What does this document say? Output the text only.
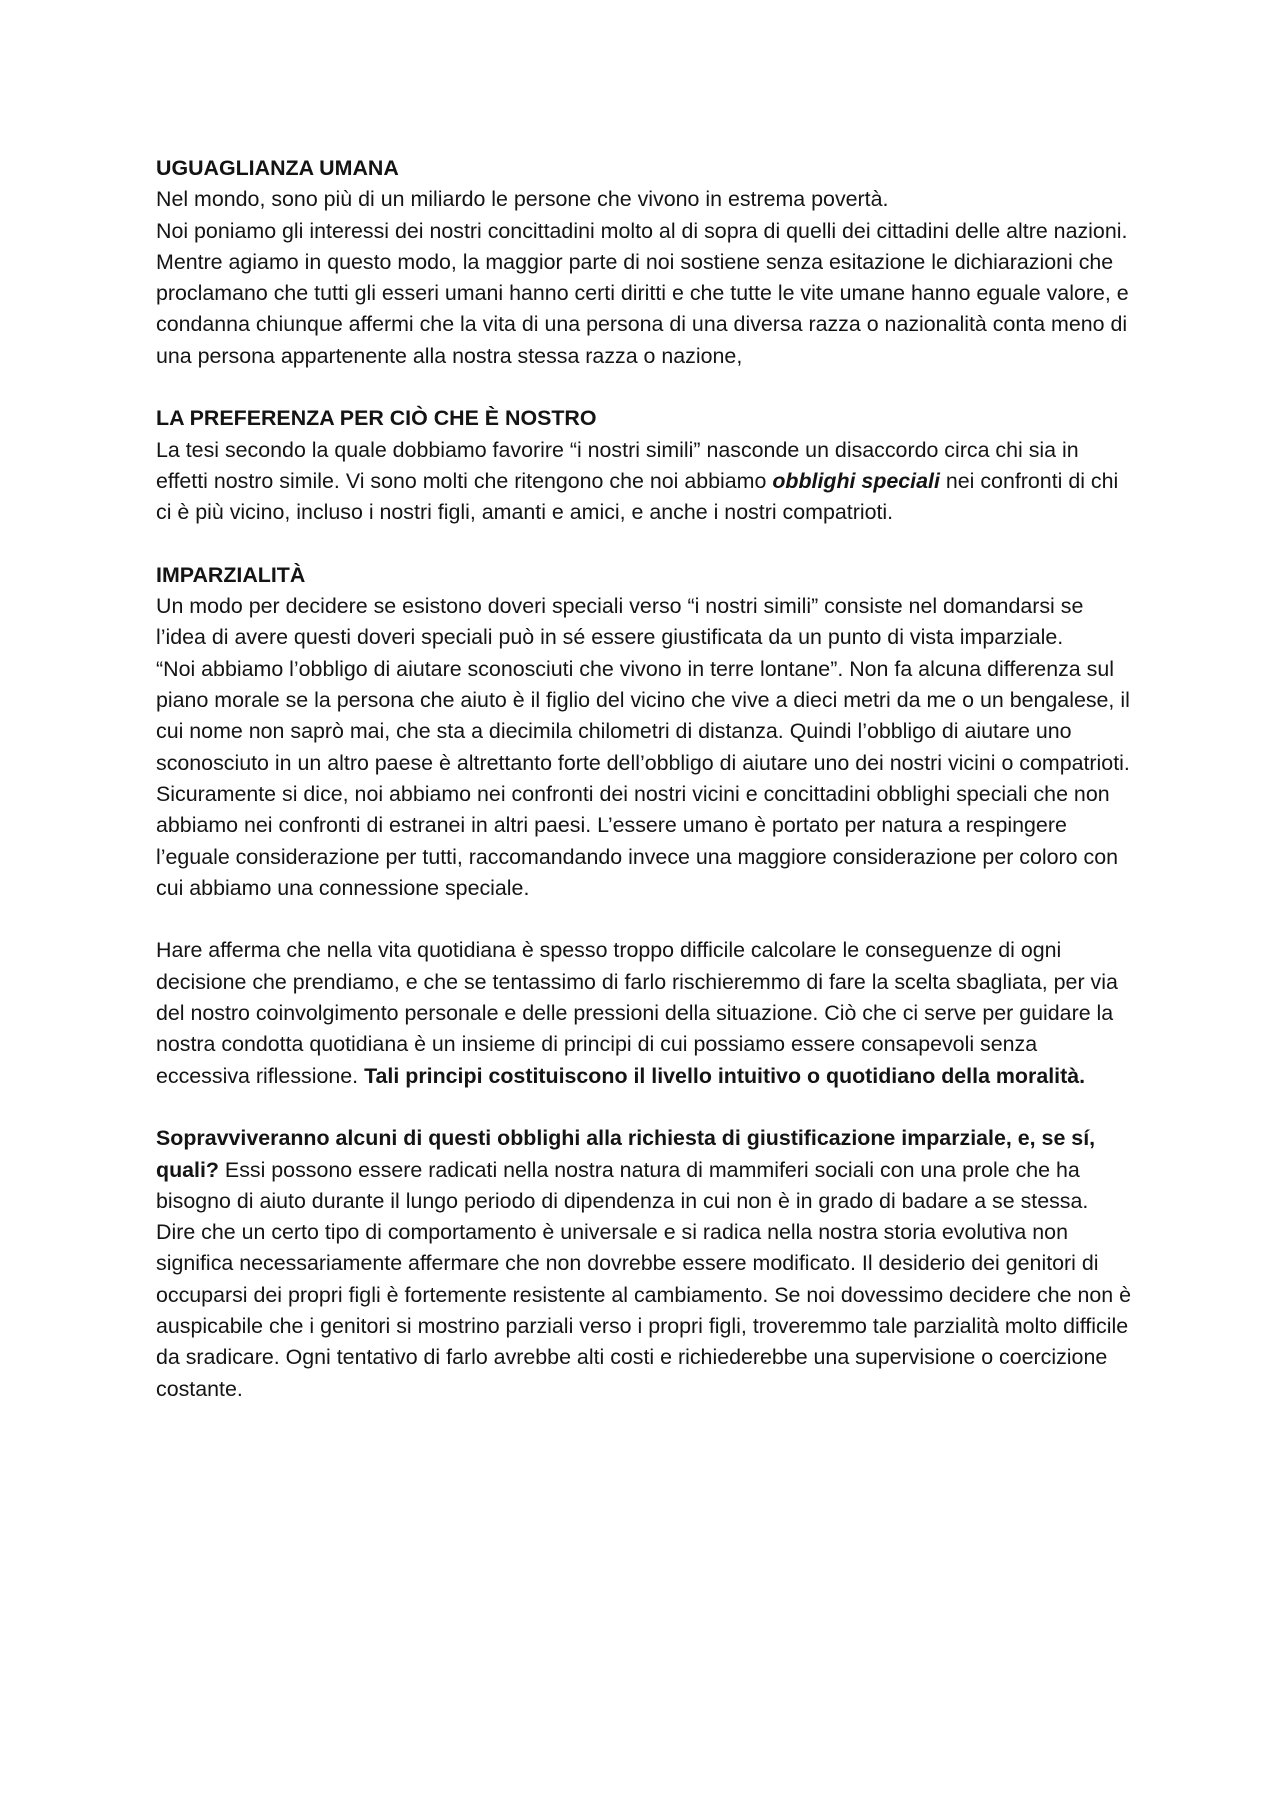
UGUAGLIANZA UMANA

Nel mondo, sono più di un miliardo le persone che vivono in estrema povertà.

Noi poniamo gli interessi dei nostri concittadini molto al di sopra di quelli dei cittadini delle altre nazioni.

Mentre agiamo in questo modo, la maggior parte di noi sostiene senza esitazione le dichiarazioni che proclamano che tutti gli esseri umani hanno certi diritti e che tutte le vite umane hanno eguale valore, e condanna chiunque affermi che la vita di una persona di una diversa razza o nazionalità conta meno di una persona appartenente alla nostra stessa razza o nazione,

LA PREFERENZA PER CIÒ CHE È NOSTRO

La tesi secondo la quale dobbiamo favorire “i nostri simili” nasconde un disaccordo circa chi sia in effetti nostro simile. Vi sono molti che ritengono che noi abbiamo obblighi speciali nei confronti di chi ci è più vicino, incluso i nostri figli, amanti e amici, e anche i nostri compatrioti.

IMPARZIALITÀ

Un modo per decidere se esistono doveri speciali verso “i nostri simili” consiste nel domandarsi se l’idea di avere questi doveri speciali può in sé essere giustificata da un punto di vista imparziale.

“Noi abbiamo l’obbligo di aiutare sconosciuti che vivono in terre lontane”. Non fa alcuna differenza sul piano morale se la persona che aiuto è il figlio del vicino che vive a dieci metri da me o un bengalese, il cui nome non saprò mai, che sta a diecimila chilometri di distanza. Quindi l’obbligo di aiutare uno sconosciuto in un altro paese è altrettanto forte dell’obbligo di aiutare uno dei nostri vicini o compatrioti.

Sicuramente si dice, noi abbiamo nei confronti dei nostri vicini e concittadini obblighi speciali che non abbiamo nei confronti di estranei in altri paesi. L’essere umano è portato per natura a respingere l’eguale considerazione per tutti, raccomandando invece una maggiore considerazione per coloro con cui abbiamo una connessione speciale.

Hare afferma che nella vita quotidiana è spesso troppo difficile calcolare le conseguenze di ogni decisione che prendiamo, e che se tentassimo di farlo rischieremmo di fare la scelta sbagliata, per via del nostro coinvolgimento personale e delle pressioni della situazione. Ciò che ci serve per guidare la nostra condotta quotidiana è un insieme di principi di cui possiamo essere consapevoli senza eccessiva riflessione. Tali principi costituiscono il livello intuitivo o quotidiano della moralità.

Sopravviveranno alcuni di questi obblighi alla richiesta di giustificazione imparziale, e, se sí, quali? Essi possono essere radicati nella nostra natura di mammiferi sociali con una prole che ha bisogno di aiuto durante il lungo periodo di dipendenza in cui non è in grado di badare a se stessa.

Dire che un certo tipo di comportamento è universale e si radica nella nostra storia evolutiva non significa necessariamente affermare che non dovrebbe essere modificato. Il desiderio dei genitori di occuparsi dei propri figli è fortemente resistente al cambiamento. Se noi dovessimo decidere che non è auspicabile che i genitori si mostrino parziali verso i propri figli, troveremmo tale parzialità molto difficile da sradicare. Ogni tentativo di farlo avrebbe alti costi e richiederebbe una supervisione o coercizione costante.
